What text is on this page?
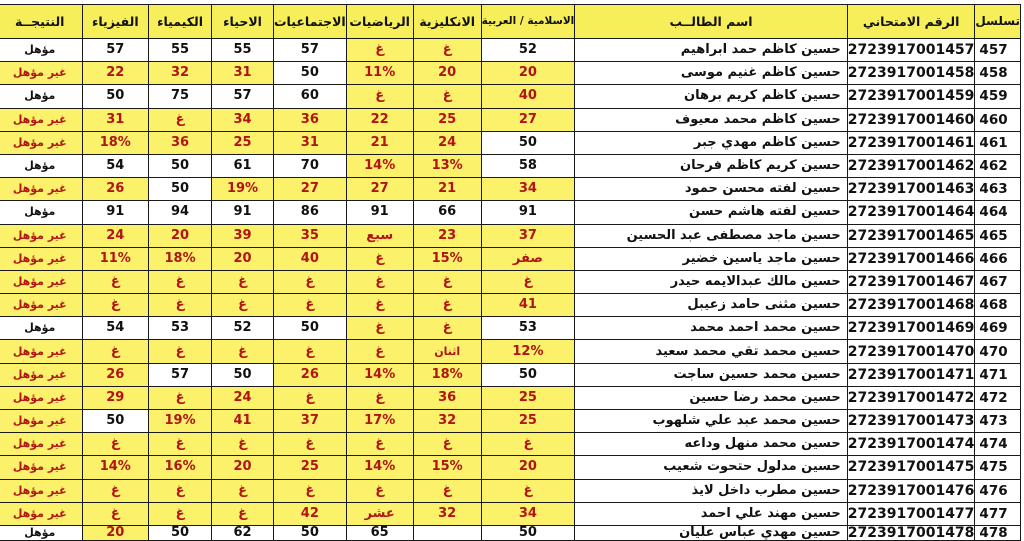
النتيجــة	الفيزياء	الكيمياء	الاحياء	الاجتماعيات	الرياضيات	الانكليزية	الاسلامية / العربية	اسم الطالــب	الرقم الامتحاني	تسلسل
مؤهل	57	55	55	57	غ	غ	52	حسين كاظم حمد ابراهيم	2723917001457	457
غير مؤهل	22	32	31	50	11%	20	20	حسين كاظم غنيم موسى	2723917001458	458
مؤهل	50	75	57	60	غ	غ	40	حسين كاظم كريم برهان	2723917001459	459
غير مؤهل	31	غ	34	36	22	25	27	حسين كاظم محمد معيوف	2723917001460	460
غير مؤهل	18%	36	25	31	21	24	50	حسين كاظم مهدي جبر	2723917001461	461
مؤهل	54	50	61	70	14%	13%	58	حسين كريم كاظم فرحان	2723917001462	462
غير مؤهل	26	50	19%	27	27	21	34	حسين لفته محسن حمود	2723917001463	463
مؤهل	91	94	91	86	91	66	91	حسين لفته هاشم حسن	2723917001464	464
غير مؤهل	24	20	39	35	سبع	23	37	حسين ماجد مصطفى عبد الحسين	2723917001465	465
غير مؤهل	11%	18%	20	40	غ	15%	صفر	حسين ماجد ياسين خضير	2723917001466	466
غير مؤهل	غ	غ	غ	غ	غ	غ	غ	حسين مالك عبدالايمه حيدر	2723917001467	467
غير مؤهل	غ	غ	غ	غ	غ	غ	41	حسين مثنى حامد زعيبل	2723917001468	468
مؤهل	54	53	52	50	غ	غ	53	حسين محمد احمد محمد	2723917001469	469
غير مؤهل	غ	غ	غ	غ	غ	اثنان	12%	حسين محمد تقي محمد سعيد	2723917001470	470
غير مؤهل	26	57	50	26	14%	18%	50	حسين محمد حسين ساجت	2723917001471	471
غير مؤهل	29	غ	24	غ	غ	36	25	حسين محمد رضا حسين	2723917001472	472
غير مؤهل	50	19%	41	37	17%	32	25	حسين محمد عبد علي شلهوب	2723917001473	473
غير مؤهل	غ	غ	غ	غ	غ	غ	غ	حسين محمد منهل وداعه	2723917001474	474
غير مؤهل	14%	16%	20	25	14%	15%	20	حسين مدلول حتحوت شعيب	2723917001475	475
غير مؤهل	غ	غ	غ	غ	غ	غ	غ	حسين مطرب داخل لايذ	2723917001476	476
غير مؤهل	غ	غ	غ	42	عشر	32	34	حسين مهند علي احمد	2723917001477	477
مؤهل	20	50	62	50	65		50	حسين مهدي عباس عليان	2723917001478	478
